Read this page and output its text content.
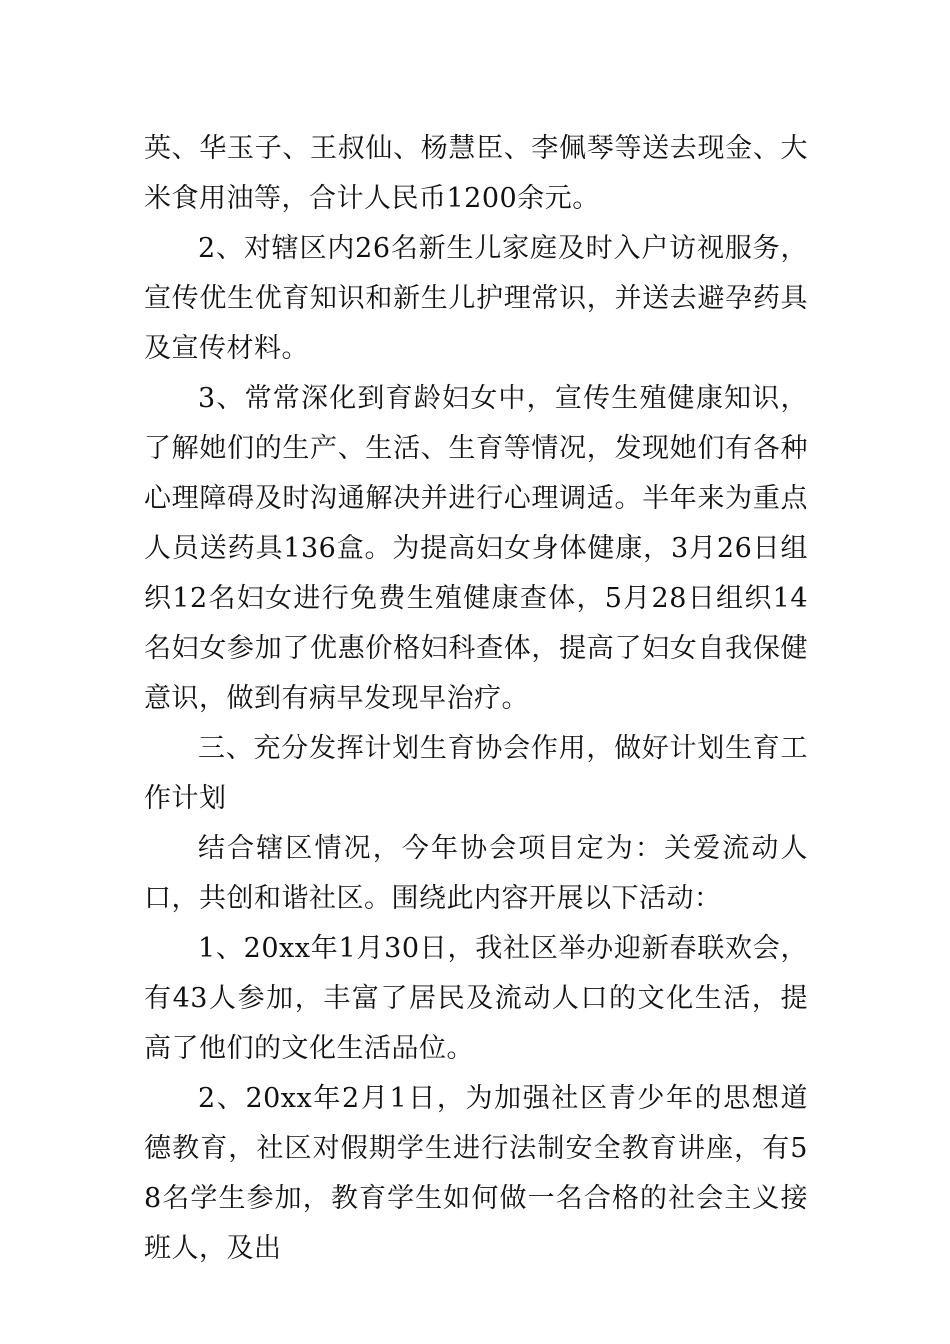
英、华玉子、王叔仙、杨慧臣、李佩琴等送去现金、大米食用油等，合计人民币1200余元。

2、对辖区内26名新生儿家庭及时入户访视服务，宣传优生优育知识和新生儿护理常识，并送去避孕药具及宣传材料。

3、常常深化到育龄妇女中，宣传生殖健康知识，了解她们的生产、生活、生育等情况，发现她们有各种心理障碍及时沟通解决并进行心理调适。半年来为重点人员送药具136盒。为提高妇女身体健康，3月26日组织12名妇女进行免费生殖健康查体，5月28日组织14名妇女参加了优惠价格妇科查体，提高了妇女自我保健意识，做到有病早发现早治疗。

三、充分发挥计划生育协会作用，做好计划生育工作计划

结合辖区情况，今年协会项目定为：关爱流动人口，共创和谐社区。围绕此内容开展以下活动：

1、20xx年1月30日，我社区举办迎新春联欢会，有43人参加，丰富了居民及流动人口的文化生活，提高了他们的文化生活品位。

2、20xx年2月1日，为加强社区青少年的思想道德教育，社区对假期学生进行法制安全教育讲座，有58名学生参加，教育学生如何做一名合格的社会主义接班人，及出
